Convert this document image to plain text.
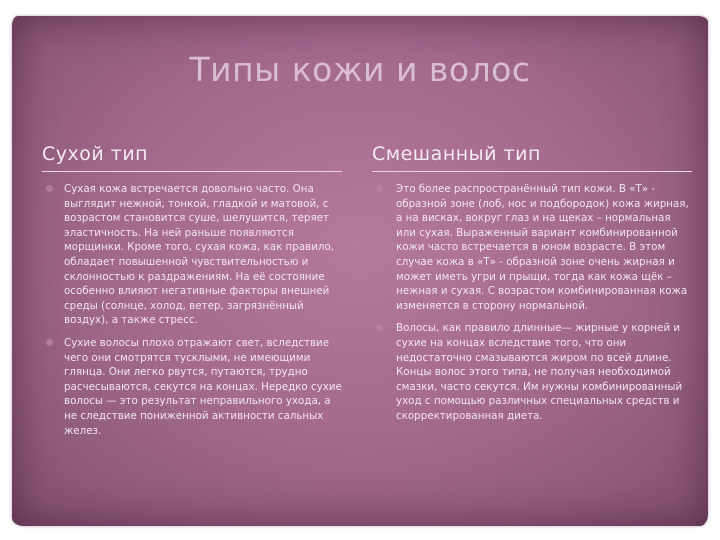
Типы кожи и волос
Сухой тип
Сухая кожа встречается довольно часто. Она выглядит нежной, тонкой, гладкой и матовой, с возрастом становится суше, шелушится, теряет эластичность. На ней раньше появляются морщинки. Кроме того, сухая кожа, как правило, обладает повышенной чувствительностью и склонностью к раздражениям. На её состояние особенно влияют негативные факторы внешней среды (солнце, холод, ветер, загрязнённый воздух), а также стресс.
Сухие волосы плохо отражают свет, вследствие чего они смотрятся тусклыми, не имеющими глянца. Они легко рвутся, путаются, трудно расчесываются, секутся на концах. Нередко сухие волосы — это результат неправильного ухода, а не следствие пониженной активности сальных желез.
Смешанный тип
Это более распространённый тип кожи. В «Т» - образной зоне (лоб, нос и подбородок) кожа жирная, а на висках, вокруг глаз и на щеках – нормальная или сухая. Выраженный вариант комбинированной кожи часто встречается в юном возрасте. В этом случае кожа в «Т» - образной зоне очень жирная и может иметь угри и прыщи, тогда как кожа щёк – нежная и сухая. С возрастом комбинированная кожа изменяется в сторону нормальной.
Волосы, как правило длинные— жирные у корней и сухие на концах вследствие того, что они недостаточно смазываются жиром по всей длине. Концы волос этого типа, не получая необходимой смазки, часто секутся. Им нужны комбинированный уход с помощью различных специальных средств и скорректированная диета.
